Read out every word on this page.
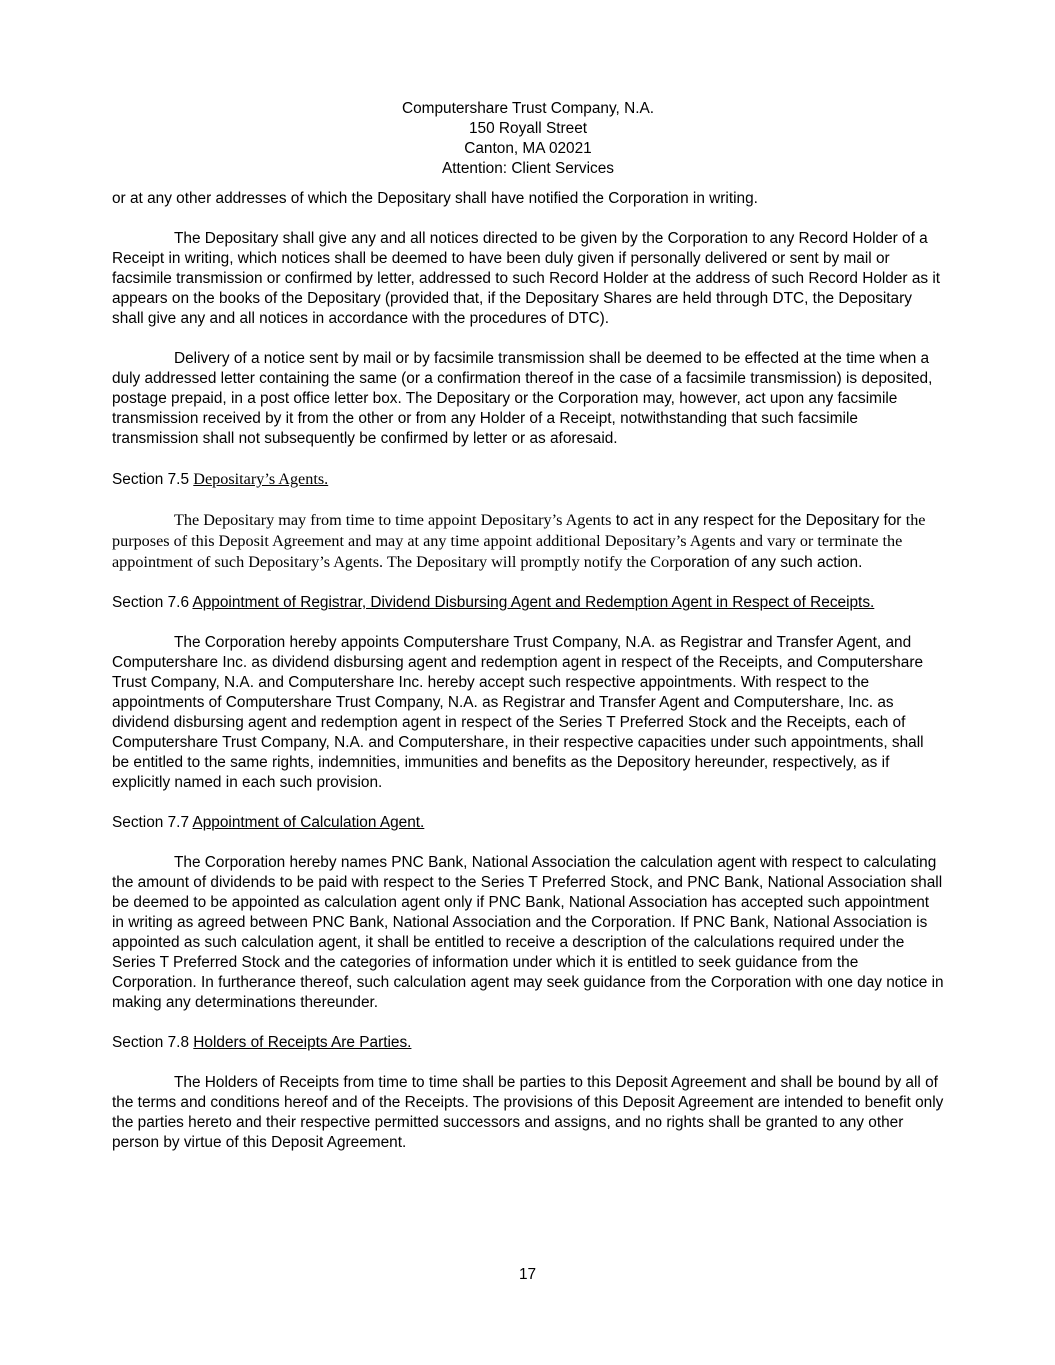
Computershare Trust Company, N.A.
150 Royall Street
Canton, MA 02021
Attention: Client Services

or at any other addresses of which the Depositary shall have notified the Corporation in writing.

The Depositary shall give any and all notices directed to be given by the Corporation to any Record Holder of a Receipt in writing, which notices shall be deemed to have been duly given if personally delivered or sent by mail or facsimile transmission or confirmed by letter, addressed to such Record Holder at the address of such Record Holder as it appears on the books of the Depositary (provided that, if the Depositary Shares are held through DTC, the Depositary shall give any and all notices in accordance with the procedures of DTC).

Delivery of a notice sent by mail or by facsimile transmission shall be deemed to be effected at the time when a duly addressed letter containing the same (or a confirmation thereof in the case of a facsimile transmission) is deposited, postage prepaid, in a post office letter box. The Depositary or the Corporation may, however, act upon any facsimile transmission received by it from the other or from any Holder of a Receipt, notwithstanding that such facsimile transmission shall not subsequently be confirmed by letter or as aforesaid.

Section 7.5 Depositary’s Agents.

The Depositary may from time to time appoint Depositary’s Agents to act in any respect for the Depositary for the purposes of this Deposit Agreement and may at any time appoint additional Depositary’s Agents and vary or terminate the appointment of such Depositary’s Agents. The Depositary will promptly notify the Corporation of any such action.

Section 7.6 Appointment of Registrar, Dividend Disbursing Agent and Redemption Agent in Respect of Receipts.

The Corporation hereby appoints Computershare Trust Company, N.A. as Registrar and Transfer Agent, and Computershare Inc. as dividend disbursing agent and redemption agent in respect of the Receipts, and Computershare Trust Company, N.A. and Computershare Inc. hereby accept such respective appointments. With respect to the appointments of Computershare Trust Company, N.A. as Registrar and Transfer Agent and Computershare, Inc. as dividend disbursing agent and redemption agent in respect of the Series T Preferred Stock and the Receipts, each of Computershare Trust Company, N.A. and Computershare, in their respective capacities under such appointments, shall be entitled to the same rights, indemnities, immunities and benefits as the Depository hereunder, respectively, as if explicitly named in each such provision.

Section 7.7 Appointment of Calculation Agent.

The Corporation hereby names PNC Bank, National Association the calculation agent with respect to calculating the amount of dividends to be paid with respect to the Series T Preferred Stock, and PNC Bank, National Association shall be deemed to be appointed as calculation agent only if PNC Bank, National Association has accepted such appointment in writing as agreed between PNC Bank, National Association and the Corporation. If PNC Bank, National Association is appointed as such calculation agent, it shall be entitled to receive a description of the calculations required under the Series T Preferred Stock and the categories of information under which it is entitled to seek guidance from the Corporation. In furtherance thereof, such calculation agent may seek guidance from the Corporation with one day notice in making any determinations thereunder.

Section 7.8 Holders of Receipts Are Parties.

The Holders of Receipts from time to time shall be parties to this Deposit Agreement and shall be bound by all of the terms and conditions hereof and of the Receipts. The provisions of this Deposit Agreement are intended to benefit only the parties hereto and their respective permitted successors and assigns, and no rights shall be granted to any other person by virtue of this Deposit Agreement.

17
